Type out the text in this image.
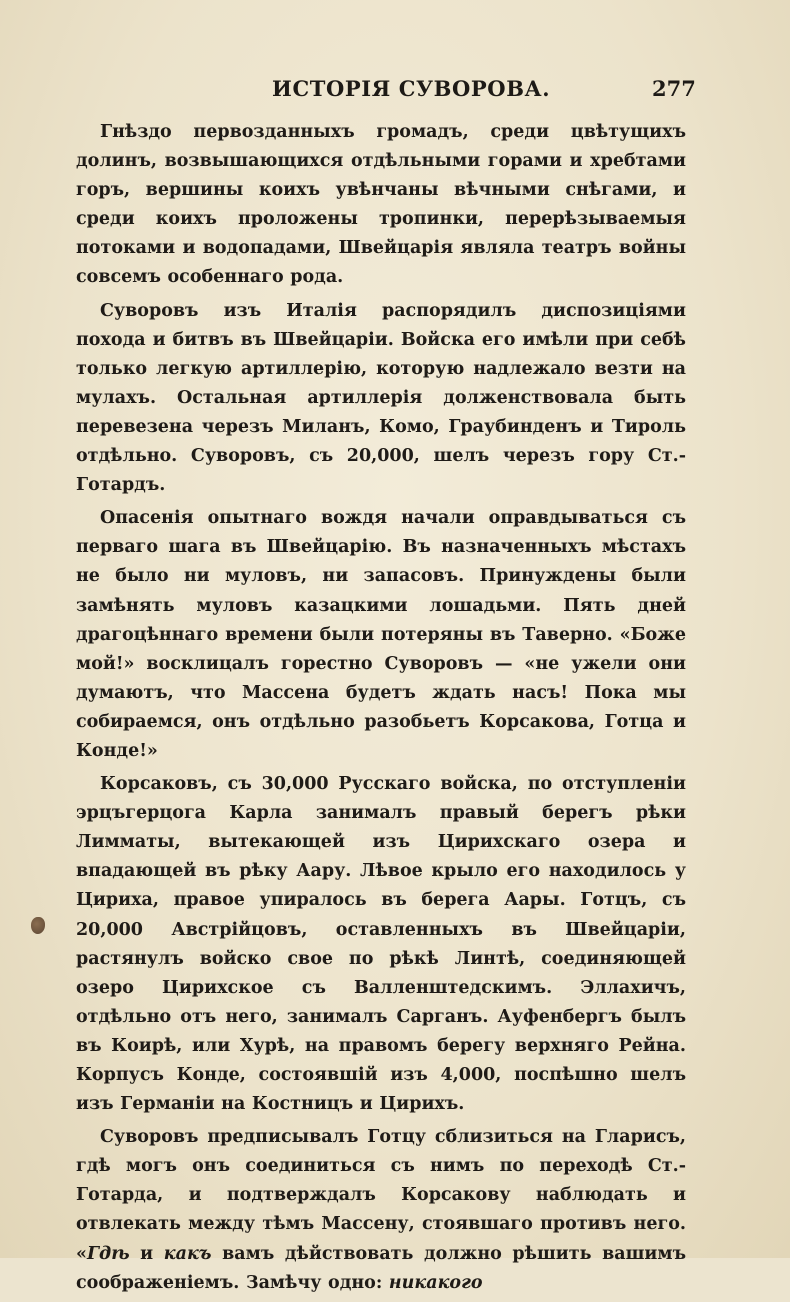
ИСТОРІЯ СУВОРОВА.	277

Гнѣздо первозданныхъ громадъ, среди цвѣтущихъ долинъ, возвышающихся отдѣльными горами и хребтами горъ, вершины коихъ увѣнчаны вѣчными снѣгами, и среди коихъ проложены тропинки, перерѣзываемыя потоками и водопадами, Швейцарія являла театръ войны совсемъ особеннаго рода.

Суворовъ изъ Италія распорядилъ диспозиціями похода и битвъ въ Швейцаріи. Войска его имѣли при себѣ только легкую артиллерію, которую надлежало везти на мулахъ. Остальная артиллерія долженствовала быть перевезена черезъ Миланъ, Комо, Граубинденъ и Тироль отдѣльно. Суворовъ, съ 20,000, шелъ черезъ гору Ст.-Готардъ.

Опасенія опытнаго вождя начали оправдываться съ перваго шага въ Швейцарію. Въ назначенныхъ мѣстахъ не было ни муловъ, ни запасовъ. Принуждены были замѣнять муловъ казацкими лошадьми. Пять дней драгоцѣннаго времени были потеряны въ Таверно. «Боже мой!» восклицалъ горестно Суворовъ — «не ужели они думаютъ, что Массена будетъ ждать насъ! Пока мы собираемся, онъ отдѣльно разобьетъ Корсакова, Готца и Конде!»

Корсаковъ, съ 30,000 Русскаго войска, по отступленіи эрцъгерцога Карла занималъ правый берегъ рѣки Лимматы, вытекающей изъ Цирихскаго озера и впадающей въ рѣку Аару. Лѣвое крыло его находилось у Цириха, правое упиралось въ берега Аары. Готцъ, съ 20,000 Австрійцовъ, оставленныхъ въ Швейцаріи, растянулъ войско свое по рѣкѣ Линтѣ, соединяющей озеро Цирихское съ Валленштедскимъ. Эллахичъ, отдѣльно отъ него, занималъ Сарганъ. Ауфенбергъ былъ въ Коирѣ, или Хурѣ, на правомъ берегу верхняго Рейна. Корпусъ Конде, состоявшій изъ 4,000, поспѣшно шелъ изъ Германіи на Костницъ и Цирихъ.

Суворовъ предписывалъ Готцу сблизиться на Гларисъ, гдѣ могъ онъ соединиться съ нимъ по переходѣ Ст.-Готарда, и подтверждалъ Корсакову наблюдать и отвлекать между тѣмъ Массену, стоявшаго противъ него. «Гдѣ и какъ вамъ дѣйствовать должно рѣшить вашимъ соображеніемъ. Замѣчу одно: никакого
